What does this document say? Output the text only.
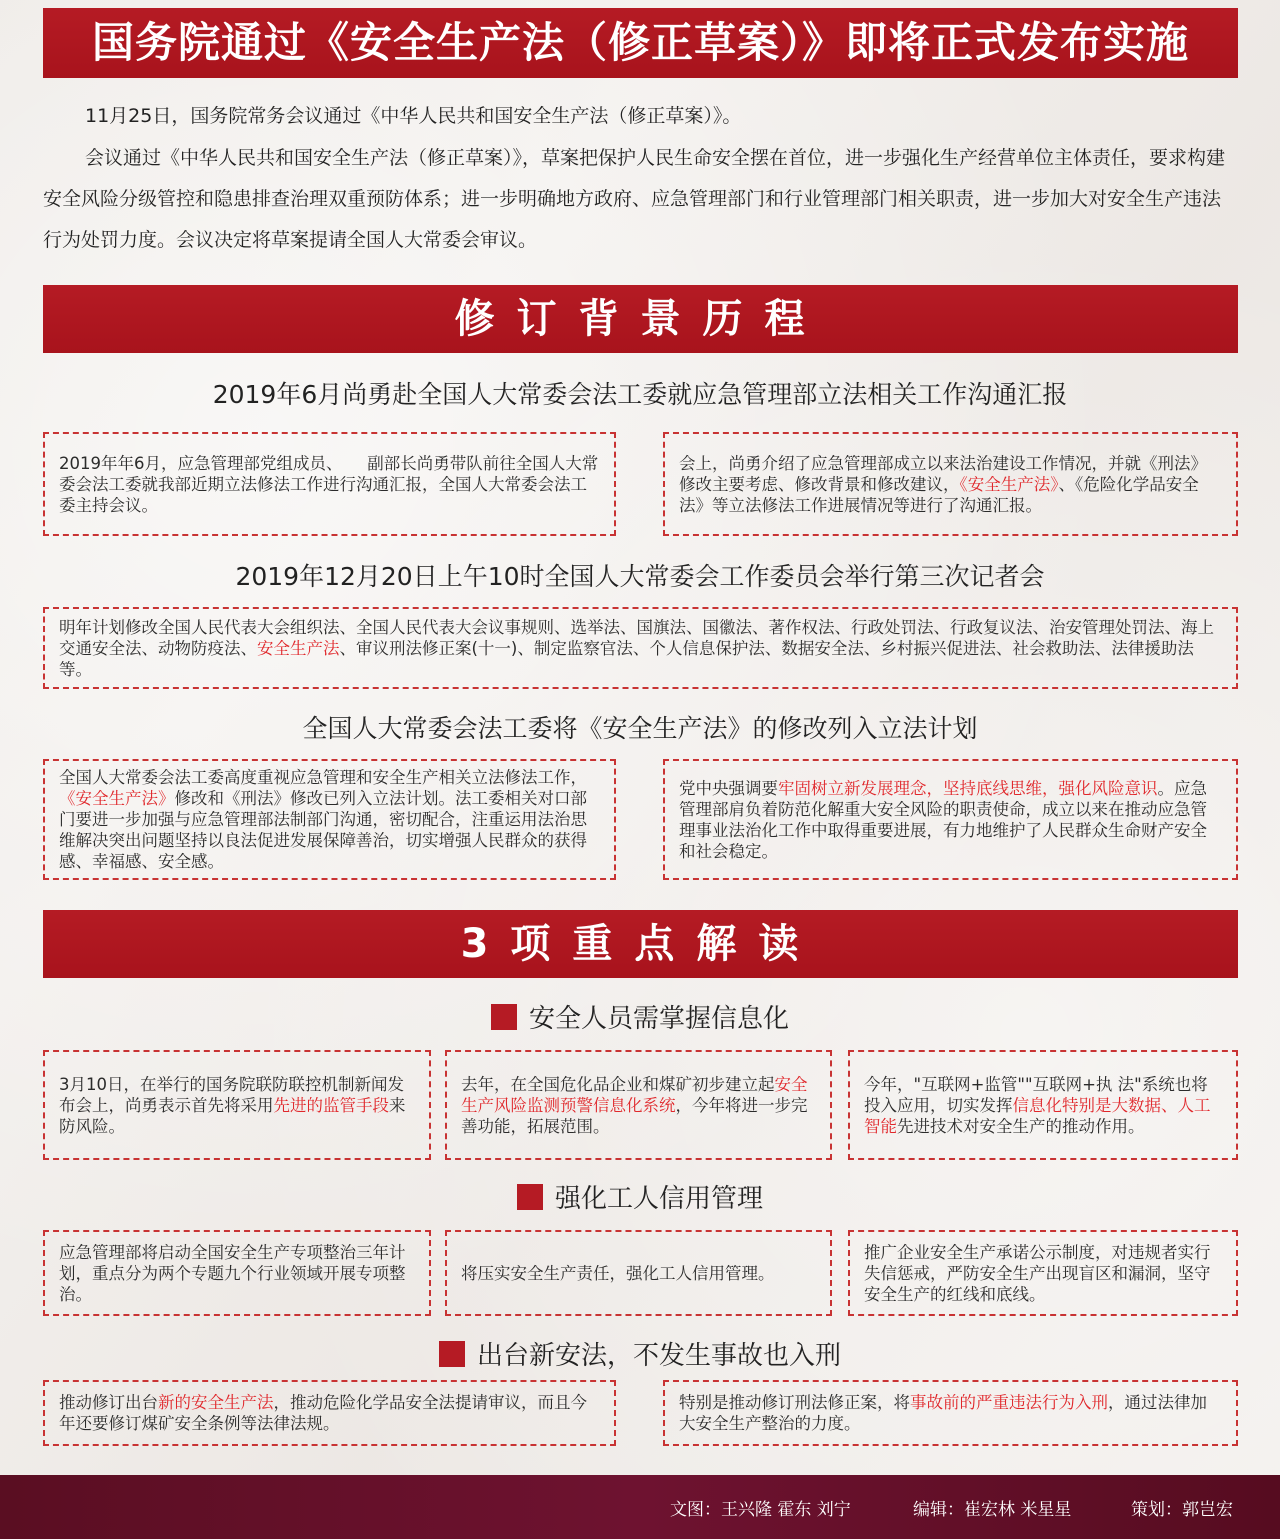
国务院通过《安全生产法（修正草案）》即将正式发布实施

11月25日，国务院常务会议通过《中华人民共和国安全生产法（修正草案）》。

会议通过《中华人民共和国安全生产法（修正草案）》，草案把保护人民生命安全摆在首位，进一步强化生产经营单位主体责任，要求构建安全风险分级管控和隐患排查治理双重预防体系；进一步明确地方政府、应急管理部门和行业管理部门相关职责，进一步加大对安全生产违法行为处罚力度。会议决定将草案提请全国人大常委会审议。

修订背景历程
2019年6月尚勇赴全国人大常委会法工委就应急管理部立法相关工作沟通汇报

2019年年6月，应急管理部党组成员、　　副部长尚勇带队前往全国人大常委会法工委就我部近期立法修法工作进行沟通汇报，全国人大常委会法工委主持会议。

会上，尚勇介绍了应急管理部成立以来法治建设工作情况，并就《刑法》修改主要考虑、修改背景和修改建议，《安全生产法》、《危险化学品安全法》等立法修法工作进展情况等进行了沟通汇报。

2019年12月20日上午10时全国人大常委会工作委员会举行第三次记者会

明年计划修改全国人民代表大会组织法、全国人民代表大会议事规则、选举法、国旗法、国徽法、著作权法、行政处罚法、行政复议法、治安管理处罚法、海上交通安全法、动物防疫法、安全生产法、审议刑法修正案(十一)、制定监察官法、个人信息保护法、数据安全法、乡村振兴促进法、社会救助法、法律援助法等。

全国人大常委会法工委将《安全生产法》的修改列入立法计划

全国人大常委会法工委高度重视应急管理和安全生产相关立法修法工作，《安全生产法》修改和《刑法》修改已列入立法计划。法工委相关对口部门要进一步加强与应急管理部法制部门沟通，密切配合，注重运用法治思维解决突出问题坚持以良法促进发展保障善治，切实增强人民群众的获得感、幸福感、安全感。

党中央强调要牢固树立新发展理念，坚持底线思维，强化风险意识。应急管理部肩负着防范化解重大安全风险的职责使命，成立以来在推动应急管理事业法治化工作中取得重要进展，有力地维护了人民群众生命财产安全和社会稳定。

3项重点解读
安全人员需掌握信息化

3月10日，在举行的国务院联防联控机制新闻发布会上，尚勇表示首先将采用先进的监管手段来防风险。

去年，在全国危化品企业和煤矿初步建立起安全生产风险监测预警信息化系统，今年将进一步完善功能，拓展范围。

今年，"互联网+监管""互联网+执 法"系统也将投入应用，切实发挥信息化特别是大数据、人工智能先进技术对安全生产的推动作用。

强化工人信用管理

应急管理部将启动全国安全生产专项整治三年计划，重点分为两个专题九个行业领域开展专项整治。

将压实安全生产责任，强化工人信用管理。

推广企业安全生产承诺公示制度，对违规者实行失信惩戒，严防安全生产出现盲区和漏洞，坚守安全生产的红线和底线。

出台新安法，不发生事故也入刑

推动修订出台新的安全生产法，推动危险化学品安全法提请审议，而且今年还要修订煤矿安全条例等法律法规。

特别是推动修订刑法修正案，将事故前的严重违法行为入刑，通过法律加大安全生产整治的力度。

文图：王兴隆 霍东 刘宁	编辑：崔宏林 米星星	策划：郭岂宏
